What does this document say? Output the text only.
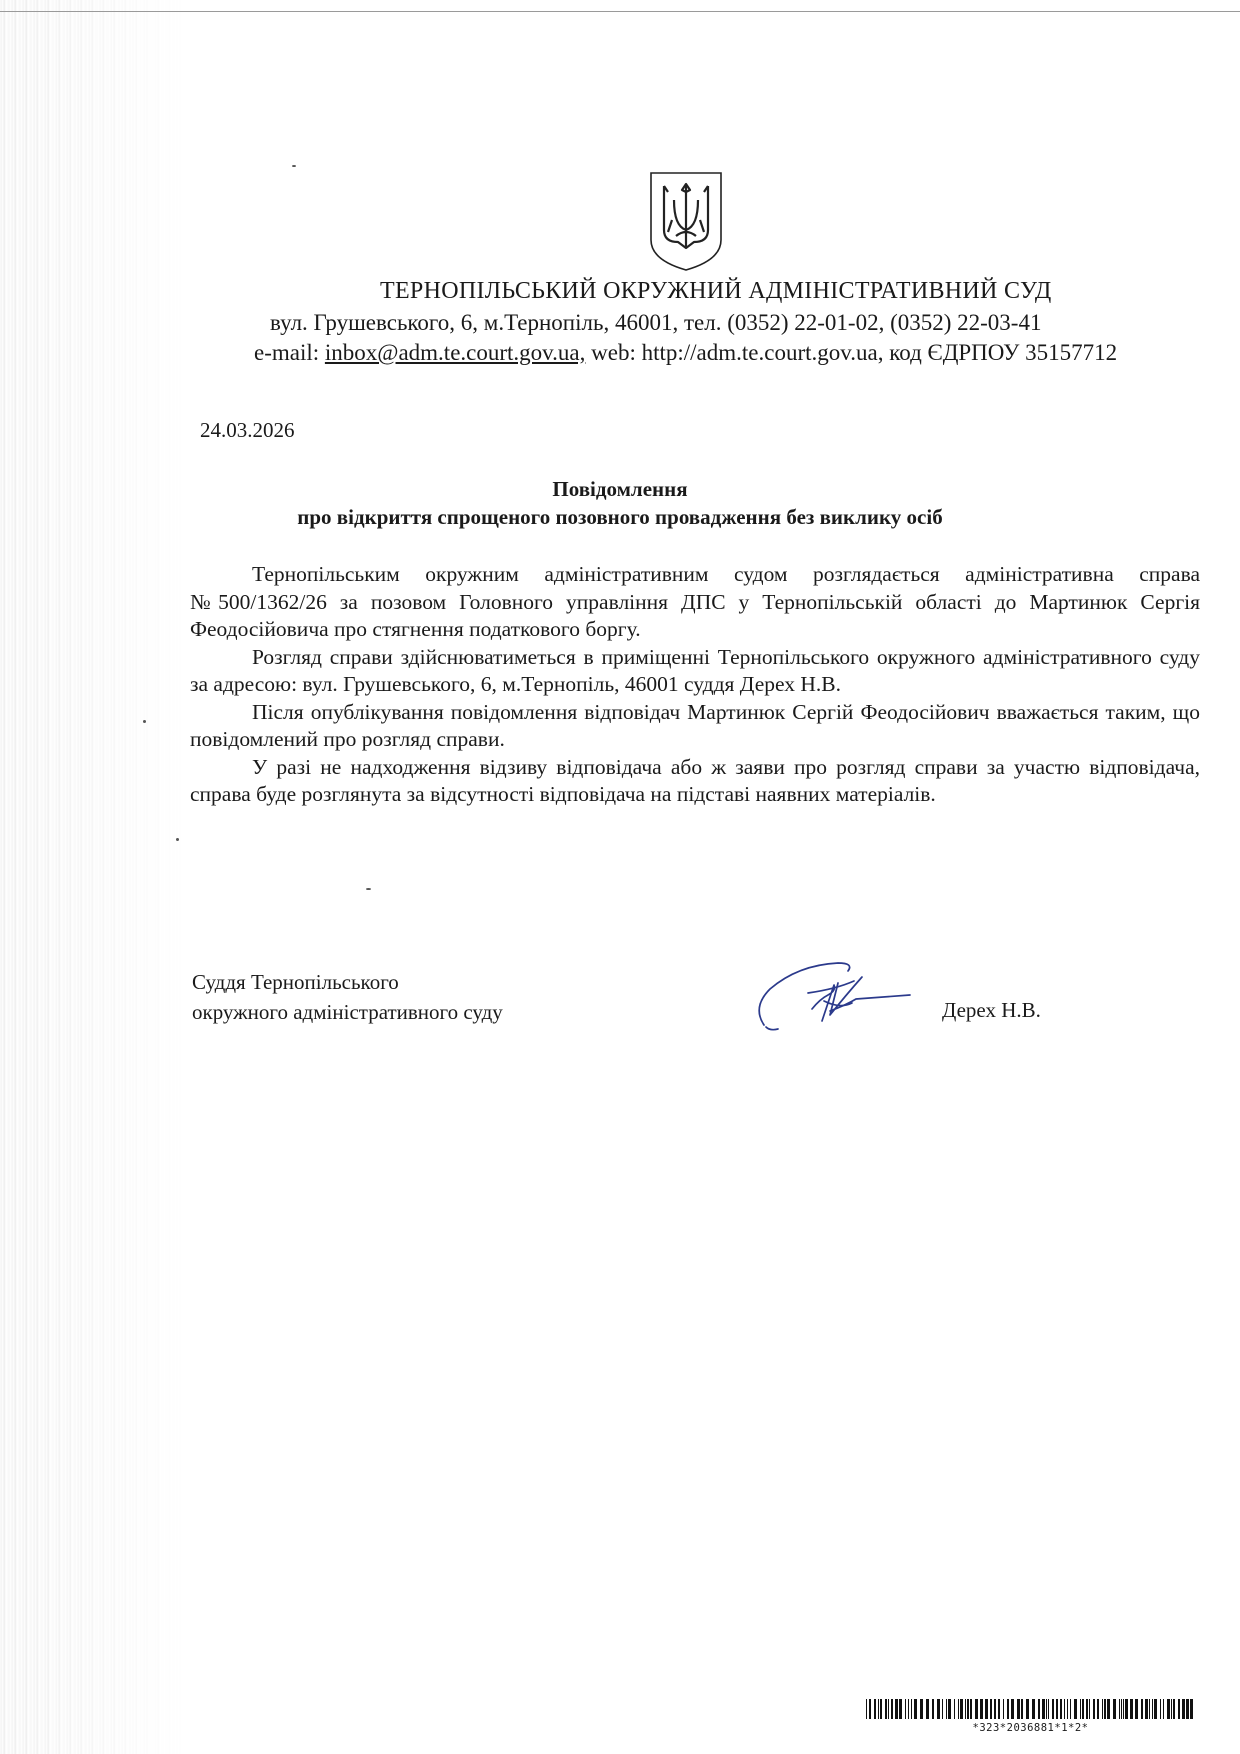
ТЕРНОПІЛЬСЬКИЙ ОКРУЖНИЙ АДМІНІСТРАТИВНИЙ СУД
вул. Грушевського, 6, м.Тернопіль, 46001, тел. (0352) 22-01-02, (0352) 22-03-41
e-mail: inbox@adm.te.court.gov.ua, web: http://adm.te.court.gov.ua, код ЄДРПОУ 35157712
24.03.2026
Повідомлення
про відкриття спрощеного позовного провадження без виклику осіб

Тернопільським окружним адміністративним судом розглядається адміністративна справа №500/1362/26 за позовом Головного управління ДПС у Тернопільській області до Мартинюк Сергія Феодосійовича про стягнення податкового боргу.

Розгляд справи здійснюватиметься в приміщенні Тернопільського окружного адміністративного суду за адресою: вул. Грушевського, 6, м.Тернопіль, 46001 суддя Дерех Н.В.

Після опублікування повідомлення відповідач Мартинюк Сергій Феодосійович вважається таким, що повідомлений про розгляд справи.

У разі не надходження відзиву відповідача або ж заяви про розгляд справи за участю відповідача, справа буде розглянута за відсутності відповідача на підставі наявних матеріалів.

Суддя Тернопільського
окружного адміністративного суду	Дерех Н.В.
*323*2036881*1*2*
